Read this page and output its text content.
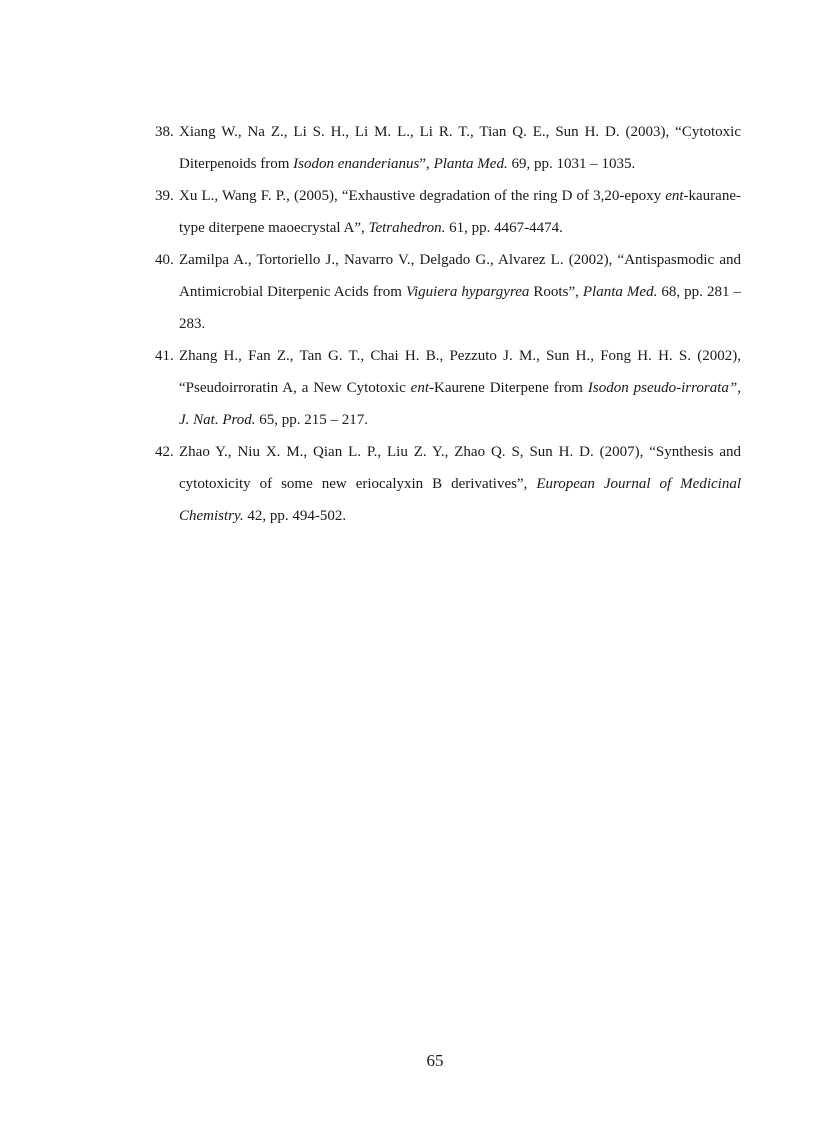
38. Xiang W., Na Z., Li S. H., Li M. L., Li R. T., Tian Q. E., Sun H. D. (2003), “Cytotoxic Diterpenoids from Isodon enanderianus”, Planta Med. 69, pp. 1031 – 1035.
39. Xu L., Wang F. P., (2005), “Exhaustive degradation of the ring D of 3,20-epoxy ent-kaurane-type diterpene maoecrystal A”, Tetrahedron. 61, pp. 4467-4474.
40. Zamilpa A., Tortoriello J., Navarro V., Delgado G., Alvarez L. (2002), “Antispasmodic and Antimicrobial Diterpenic Acids from Viguiera hypargyrea Roots”, Planta Med. 68, pp. 281 – 283.
41. Zhang H., Fan Z., Tan G. T., Chai H. B., Pezzuto J. M., Sun H., Fong H. H. S. (2002), “Pseudoirroratin A, a New Cytotoxic ent-Kaurene Diterpene from Isodon pseudo-irrorata”, J. Nat. Prod. 65, pp. 215 – 217.
42. Zhao Y., Niu X. M., Qian L. P., Liu Z. Y., Zhao Q. S, Sun H. D. (2007), “Synthesis and cytotoxicity of some new eriocalyxin B derivatives”, European Journal of Medicinal Chemistry. 42, pp. 494-502.
65
